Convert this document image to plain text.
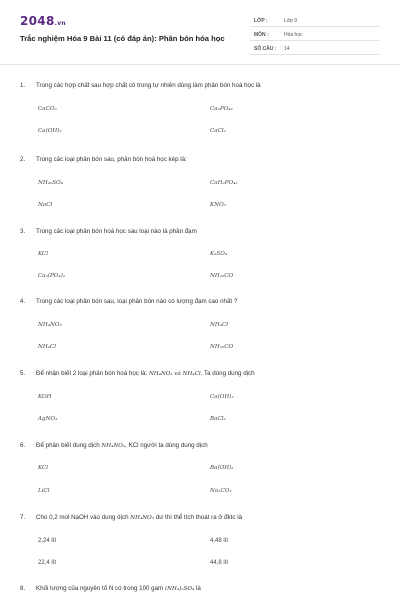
2048.vn
Trắc nghiệm Hóa 9 Bài 11 (có đáp án): Phân bón hóa học
LỚP :	Lớp 9
MÔN :	Hóa học
SỐ CÂU : 14
1. Trong các hợp chất sau hợp chất có trong tự nhiên dùng làm phân bón hoá học là
CaCO₃	Ca₃PO₄₂
Ca(OH)₂	CaCl₂
2. Trong các loại phân bón sau, phân bón hoá học kép là:
NH₄₂SO₄	CaH₂PO₄₂
NaCl	KNO₃
3. Trong các loại phân bón hoá học sau loại nào là phân đạm
KCl	K₂SO₄
Ca₃(PO₄)₂	NH₂₂CO
4. Trong các loại phân bón sau, loại phân bón nào có lượng đạm cao nhất ?
NH₄NO₃	NH₄Cl
NH₄Cl	NH₂₂CO
5. Để nhận biết 2 loại phân bón hoá học là: NH₄NO₃ và NH₄Cl. Ta dùng dung dịch
KOH	Ca(OH)₂
AgNO₃	BaCl₂
6. Để phân biết dung dịch NH₄NO₃, KCl người ta dùng dung dịch
KCl	Ba(OH)₂
LiCl	Na₂CO₃
7. Cho 0,2 mol NaOH vào dung dịch NH₄NO₃ dư thì thể tích thoát ra ở đktc là
2,24 lít	4,48 lít
22,4 lít	44,8 lít
8. Khối lượng của nguyên tố N có trong 100 gam (NH₄)₂SO₄ là
